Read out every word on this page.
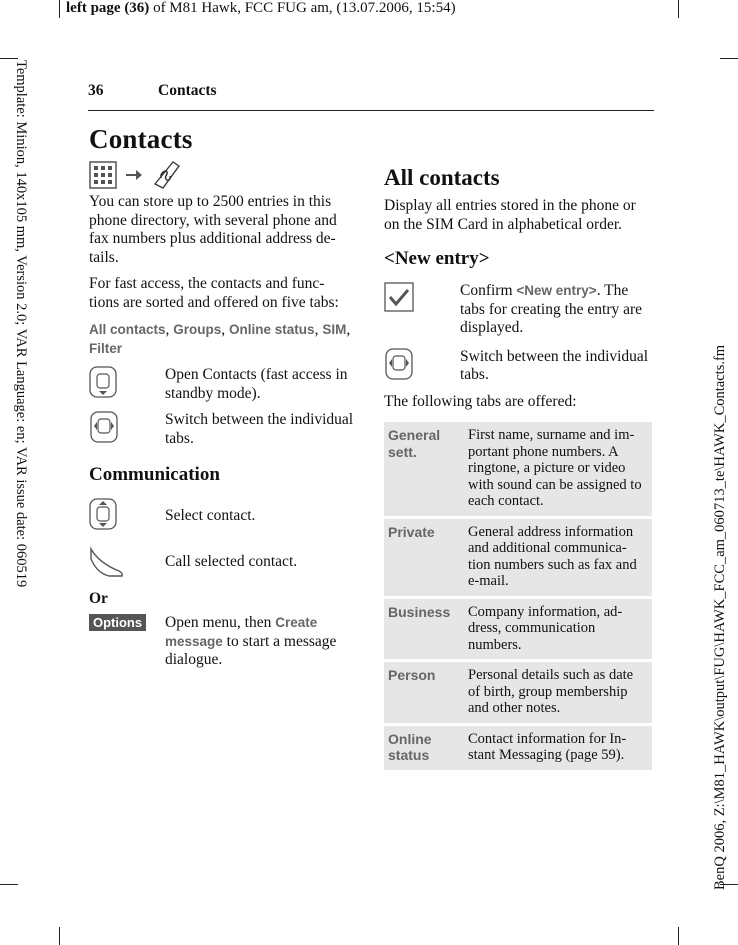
left page (36) of M81 Hawk, FCC FUG am, (13.07.2006, 15:54)
Template: Minion, 140x105 mm, Version 2.0; VAR Language: en; VAR issue date: 060519
BenQ 2006, Z:\M81_HAWK\output\FUG\HAWK_FCC_am_060713_te\HAWK_Contacts.fm
36	Contacts
Contacts

You can store up to 2500 entries in this phone directory, with several phone and fax numbers plus additional address de-tails.

For fast access, the contacts and func-tions are sorted and offered on five tabs:

All contacts, Groups, Online status, SIM, Filter

Open Contacts (fast access in standby mode).
Switch between the individual tabs.
Communication
Select contact.
Call selected contact.
Or
Options	Open menu, then Create message to start a message dialogue.
All contacts

Display all entries stored in the phone or on the SIM Card in alphabetical order.

<New entry>
Confirm <New entry>. The tabs for creating the entry are displayed.
Switch between the individual tabs.

The following tabs are offered:

General sett.	First name, surname and im-portant phone numbers. A ringtone, a picture or video with sound can be assigned to each contact.
Private	General address information and additional communica-tion numbers such as fax and e-mail.
Business	Company information, ad-dress, communication numbers.
Person	Personal details such as date of birth, group membership and other notes.
Online status	Contact information for In-stant Messaging (page 59).
